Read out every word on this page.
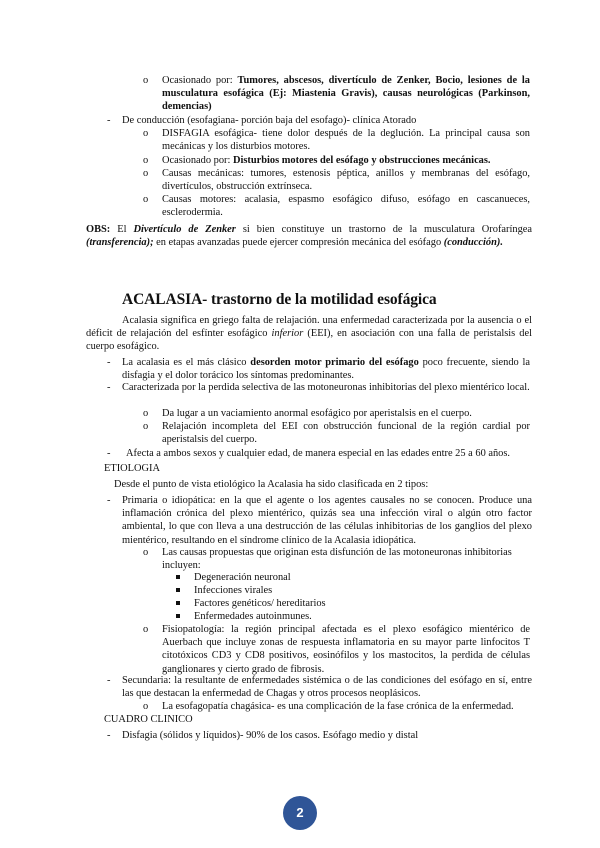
o Ocasionado por: Tumores, abscesos, divertículo de Zenker, Bocio, lesiones de la musculatura esofágica (Ej: Miastenia Gravis), causas neurológicas (Parkinson, demencias)

- De conducción (esofagiana- porción baja del esofago)- clínica Atorado

o DISFAGIA esofágica- tiene dolor después de la deglución. La principal causa son mecánicas y los disturbios motores.

o Ocasionado por: Disturbios motores del esófago y obstrucciones mecánicas.

o Causas mecánicas: tumores, estenosis péptica, anillos y membranas del esófago, divertículos, obstrucción extrínseca.

o Causas motores: acalasia, espasmo esofágico difuso, esófago en cascanueces, esclerodermia.

OBS: El Divertículo de Zenker si bien constituye un trastorno de la musculatura Orofaríngea (transferencia); en etapas avanzadas puede ejercer compresión mecánica del esófago (conducción).

ACALASIA- trastorno de la motilidad esofágica

Acalasia significa en griego falta de relajación. una enfermedad caracterizada por la ausencia o el déficit de relajación del esfínter esofágico inferior (EEI), en asociación con una falla de peristalsis del cuerpo esofágico.

- La acalasia es el más clásico desorden motor primario del esófago poco frecuente, siendo la disfagia y el dolor torácico los síntomas predominantes.

- Caracterizada por la perdida selectiva de las motoneuronas inhibitorias del plexo mientérico local.

o Da lugar a un vaciamiento anormal esofágico por aperistalsis en el cuerpo.

o Relajación incompleta del EEI con obstrucción funcional de la región cardial por aperistalsis del cuerpo.

- Afecta a ambos sexos y cualquier edad, de manera especial en las edades entre 25 a 60 años.

ETIOLOGIA

Desde el punto de vista etiológico la Acalasia ha sido clasificada en 2 tipos:

- Primaria o idiopática: en la que el agente o los agentes causales no se conocen. Produce una inflamación crónica del plexo mientérico, quizás sea una infección viral o algún otro factor ambiental, lo que con lleva a una destrucción de las células inhibitorias de los ganglios del plexo mientérico, resultando en el síndrome clínico de la Acalasia idiopática.

o Las causas propuestas que originan esta disfunción de las motoneuronas inhibitorias incluyen:

Degeneración neuronal

Infecciones virales

Factores genéticos/ hereditarios

Enfermedades autoinmunes.

o Fisiopatología: la región principal afectada es el plexo esofágico mientérico de Auerbach que incluye zonas de respuesta inflamatoria en su mayor parte linfocitos T citotóxicos CD3 y CD8 positivos, eosinófilos y los mastocitos, la perdida de células ganglionares y cierto grado de fibrosis.

- Secundaria: la resultante de enfermedades sistémica o de las condiciones del esófago en sí, entre las que destacan la enfermedad de Chagas y otros procesos neoplásicos.

o La esofagopatía chagásica- es una complicación de la fase crónica de la enfermedad.

CUADRO CLINICO

- Disfagia (sólidos y líquidos)- 90% de los casos. Esófago medio y distal

2
